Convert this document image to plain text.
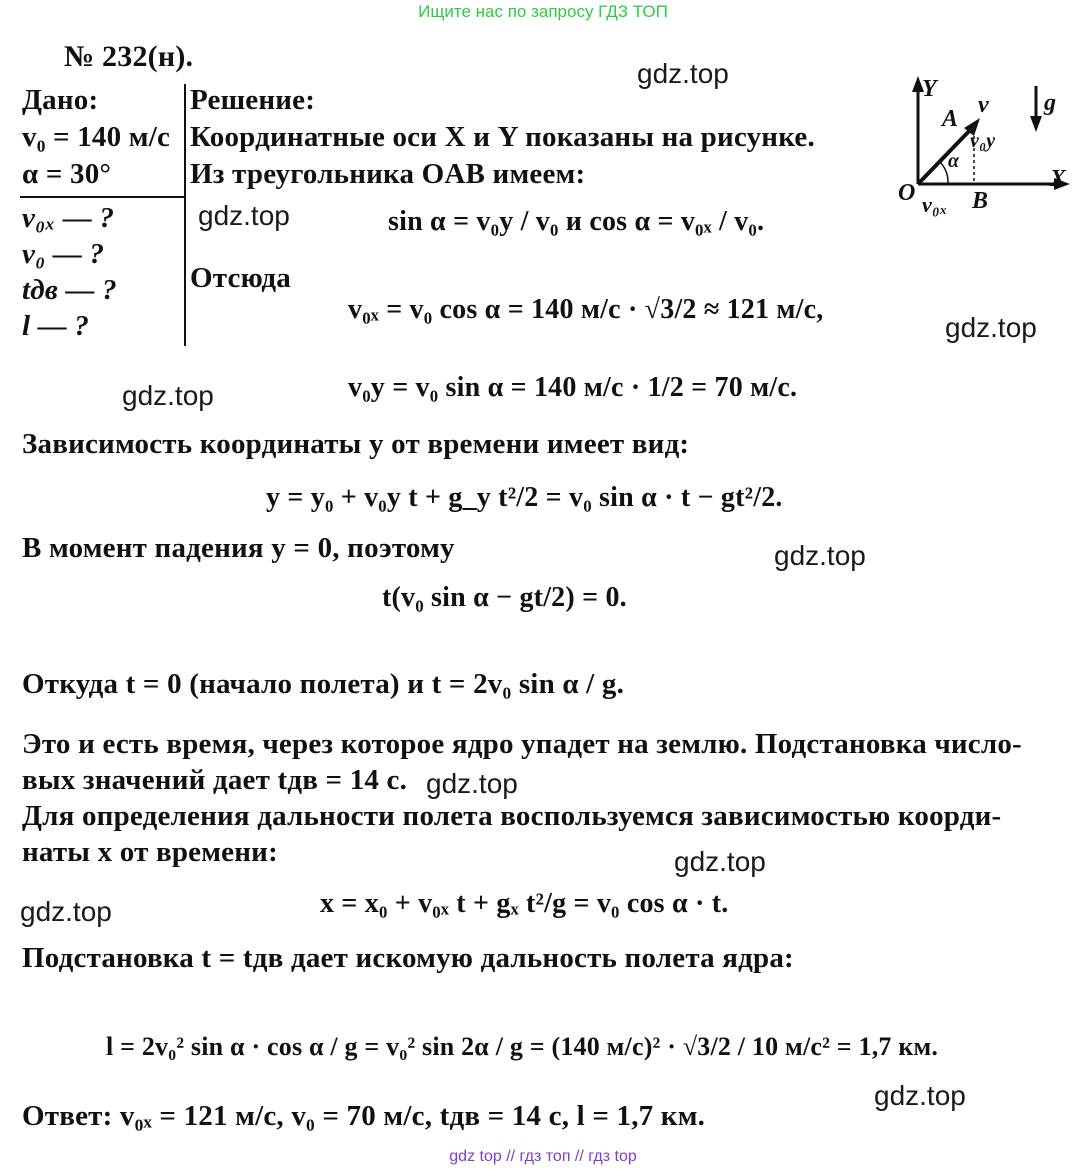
Ищите нас по запросу ГДЗ ТОП
№ 232(н).
Дано:
v₀ = 140 м/с
α = 30°
v₀ₓ — ?
v₀ — ?
tдв — ?
l — ?
Решение:
Координатные оси X и Y показаны на рисунке.
Из треугольника OAB имеем:
sin α = v₀y / v₀ и cos α = v₀ₓ / v₀.
Отсюда
v₀ₓ = v₀ cos α = 140 м/с · √3/2 ≈ 121 м/с,
v₀y = v₀ sin α = 140 м/с · 1/2 = 70 м/с.
Зависимость координаты y от времени имеет вид:
y = y₀ + v₀y t + g_y t²/2 = v₀ sin α · t − gt²/2.
В момент падения y = 0, поэтому
t(v₀ sin α − gt/2) = 0.
Откуда t = 0 (начало полета) и t = 2v₀ sin α / g.
Это и есть время, через которое ядро упадет на землю. Подстановка число-
вых значений дает tдв = 14 с.
Для определения дальности полета воспользуемся зависимостью коорди-
наты x от времени:
x = x₀ + v₀ₓ t + gₓ t²/g = v₀ cos α · t.
Подстановка t = tдв дает искомую дальность полета ядра:
l = 2v₀² sin α · cos α / g = v₀² sin 2α / g = (140 м/с)² · √3/2 / 10 м/с² = 1,7 км.
Ответ: v₀ₓ = 121 м/с, v₀ = 70 м/с, tдв = 14 с, l = 1,7 км.
gdz.top
gdz.top
gdz.top
gdz.top
gdz.top
gdz.top
gdz.top
gdz.top
gdz.top
Y
X
O
A
B
v g
v₀y
v₀ₓ
α
gdz top // гдз топ // гдз top
